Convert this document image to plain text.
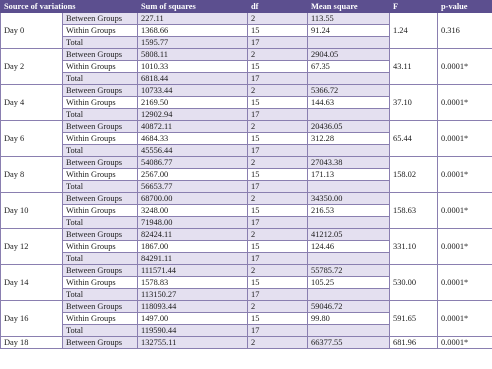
Source of variations		Sum of squares	df	Mean square	F	p-value
Day 0	Between Groups	227.11	2	113.55	1.24	0.316
	Within Groups	1368.66	15	91.24		
	Total	1595.77	17			
Day 2	Between Groups	5808.11	2	2904.05	43.11	0.0001*
	Within Groups	1010.33	15	67.35		
	Total	6818.44	17			
Day 4	Between Groups	10733.44	2	5366.72	37.10	0.0001*
	Within Groups	2169.50	15	144.63		
	Total	12902.94	17			
Day 6	Between Groups	40872.11	2	20436.05	65.44	0.0001*
	Within Groups	4684.33	15	312.28		
	Total	45556.44	17			
Day 8	Between Groups	54086.77	2	27043.38	158.02	0.0001*
	Within Groups	2567.00	15	171.13		
	Total	56653.77	17			
Day 10	Between Groups	68700.00	2	34350.00	158.63	0.0001*
	Within Groups	3248.00	15	216.53		
	Total	71948.00	17			
Day 12	Between Groups	82424.11	2	41212.05	331.10	0.0001*
	Within Groups	1867.00	15	124.46		
	Total	84291.11	17			
Day 14	Between Groups	111571.44	2	55785.72	530.00	0.0001*
	Within Groups	1578.83	15	105.25		
	Total	113150.27	17			
Day 16	Between Groups	118093.44	2	59046.72	591.65	0.0001*
	Within Groups	1497.00	15	99.80		
	Total	119590.44	17			
Day 18	Between Groups	132755.11	2	66377.55	681.96	0.0001*
